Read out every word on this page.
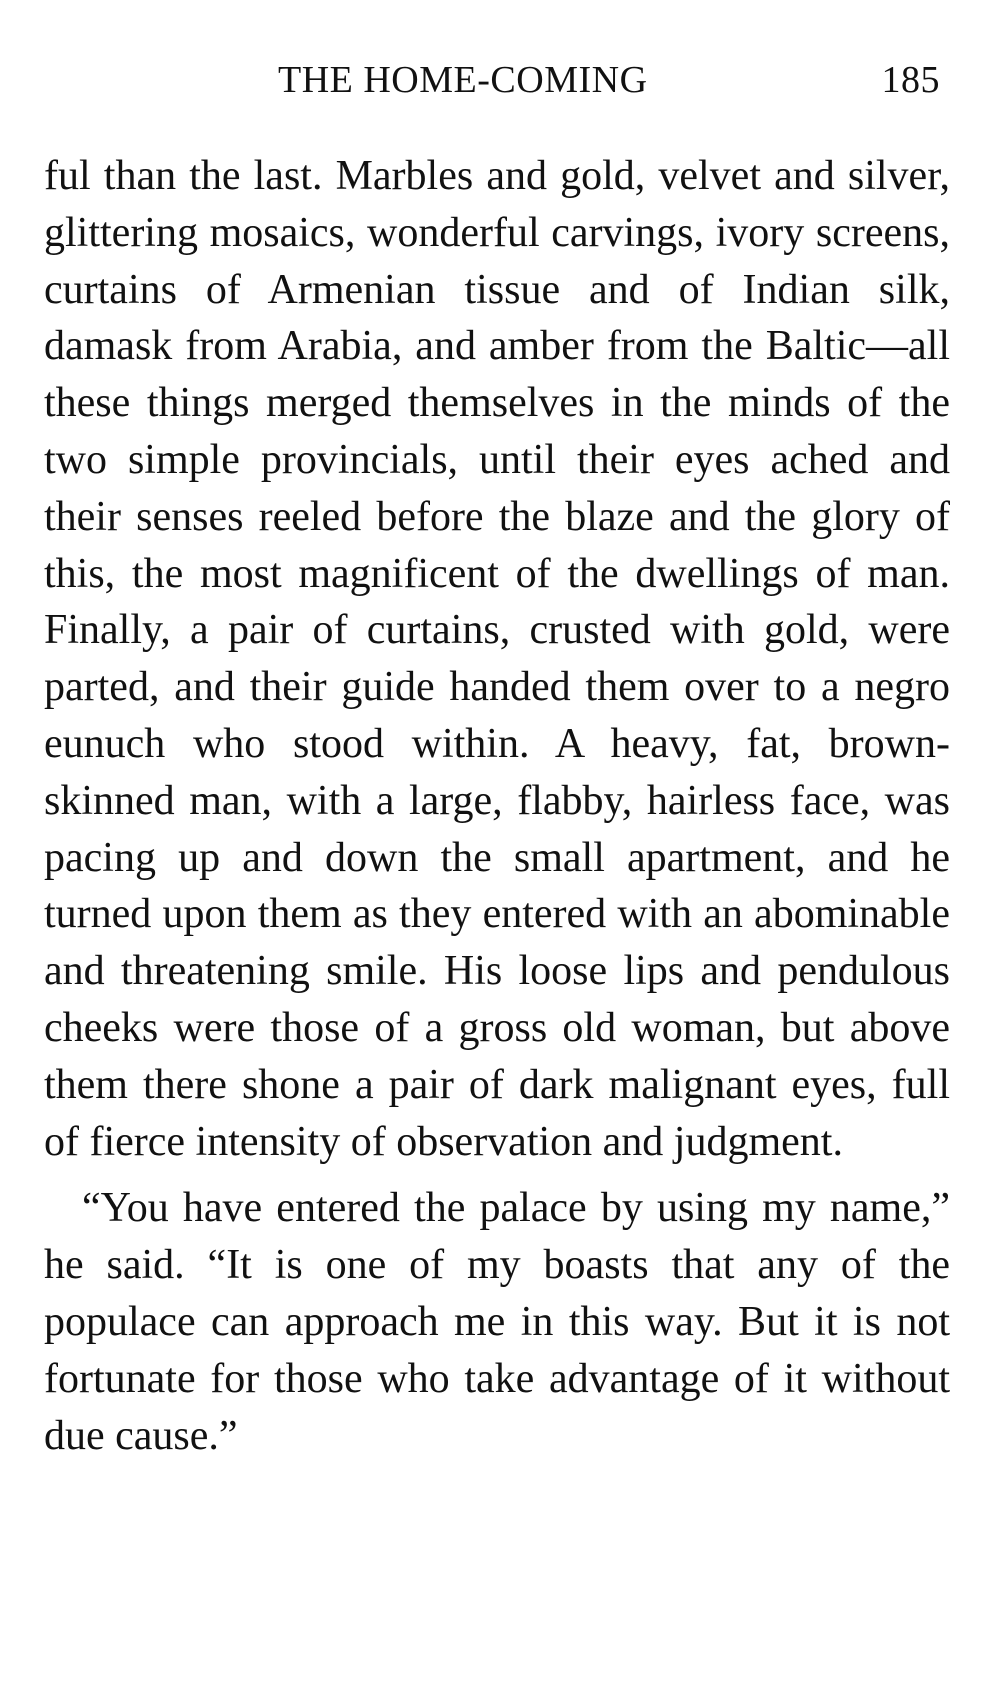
THE HOME-COMING	185

ful than the last. Marbles and gold, velvet and silver, glittering mosaics, wonderful carvings, ivory screens, curtains of Armenian tissue and of Indian silk, damask from Arabia, and amber from the Baltic—all these things merged themselves in the minds of the two simple provincials, until their eyes ached and their senses reeled before the blaze and the glory of this, the most magnificent of the dwellings of man. Finally, a pair of curtains, crusted with gold, were parted, and their guide handed them over to a negro eunuch who stood within. A heavy, fat, brown-skinned man, with a large, flabby, hairless face, was pacing up and down the small apartment, and he turned upon them as they entered with an abominable and threatening smile. His loose lips and pendulous cheeks were those of a gross old woman, but above them there shone a pair of dark malignant eyes, full of fierce intensity of observation and judgment.

“You have entered the palace by using my name,” he said. “It is one of my boasts that any of the populace can approach me in this way. But it is not fortunate for those who take advantage of it without due cause.”
